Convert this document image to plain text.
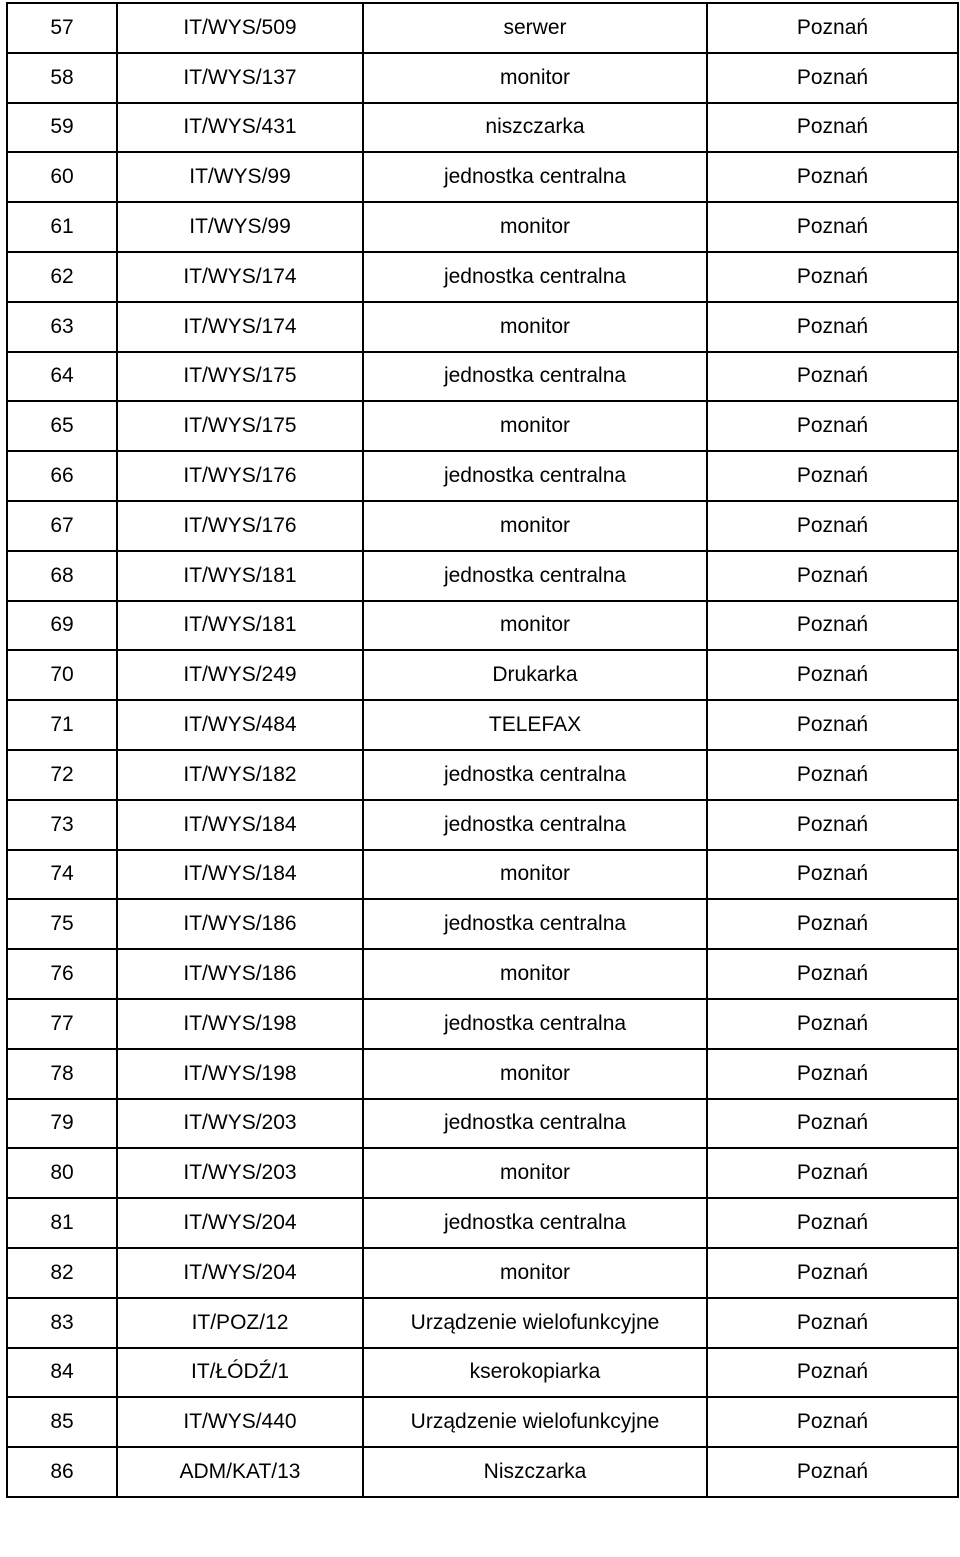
57	IT/WYS/509	serwer	Poznań
58	IT/WYS/137	monitor	Poznań
59	IT/WYS/431	niszczarka	Poznań
60	IT/WYS/99	jednostka centralna	Poznań
61	IT/WYS/99	monitor	Poznań
62	IT/WYS/174	jednostka centralna	Poznań
63	IT/WYS/174	monitor	Poznań
64	IT/WYS/175	jednostka centralna	Poznań
65	IT/WYS/175	monitor	Poznań
66	IT/WYS/176	jednostka centralna	Poznań
67	IT/WYS/176	monitor	Poznań
68	IT/WYS/181	jednostka centralna	Poznań
69	IT/WYS/181	monitor	Poznań
70	IT/WYS/249	Drukarka	Poznań
71	IT/WYS/484	TELEFAX	Poznań
72	IT/WYS/182	jednostka centralna	Poznań
73	IT/WYS/184	jednostka centralna	Poznań
74	IT/WYS/184	monitor	Poznań
75	IT/WYS/186	jednostka centralna	Poznań
76	IT/WYS/186	monitor	Poznań
77	IT/WYS/198	jednostka centralna	Poznań
78	IT/WYS/198	monitor	Poznań
79	IT/WYS/203	jednostka centralna	Poznań
80	IT/WYS/203	monitor	Poznań
81	IT/WYS/204	jednostka centralna	Poznań
82	IT/WYS/204	monitor	Poznań
83	IT/POZ/12	Urządzenie wielofunkcyjne	Poznań
84	IT/ŁÓDŹ/1	kserokopiarka	Poznań
85	IT/WYS/440	Urządzenie wielofunkcyjne	Poznań
86	ADM/KAT/13	Niszczarka	Poznań
